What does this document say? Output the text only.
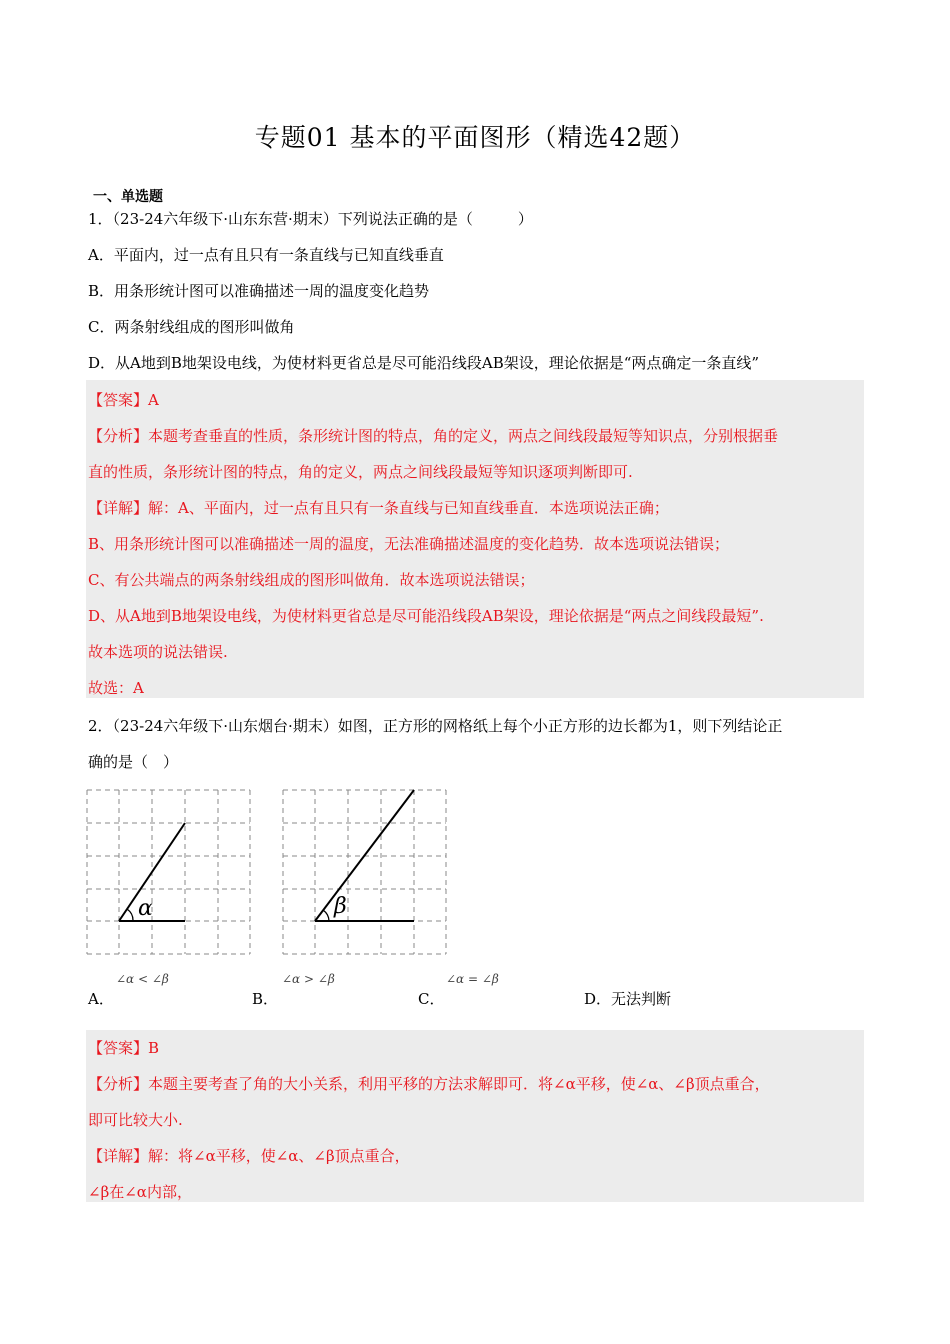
专题01 基本的平面图形（精选42题）
一、单选题
1．（23-24六年级下·山东东营·期末）下列说法正确的是（　　　）
A．平面内，过一点有且只有一条直线与已知直线垂直
B．用条形统计图可以准确描述一周的温度变化趋势
C．两条射线组成的图形叫做角
D．从A地到B地架设电线，为使材料更省总是尽可能沿线段AB架设，理论依据是“两点确定一条直线”
【答案】A
【分析】本题考查垂直的性质，条形统计图的特点，角的定义，两点之间线段最短等知识点，分别根据垂
直的性质，条形统计图的特点，角的定义，两点之间线段最短等知识逐项判断即可.
【详解】解：A、平面内，过一点有且只有一条直线与已知直线垂直．本选项说法正确；
B、用条形统计图可以准确描述一周的温度，无法准确描述温度的变化趋势．故本选项说法错误；
C、有公共端点的两条射线组成的图形叫做角．故本选项说法错误；
D、从A地到B地架设电线，为使材料更省总是尽可能沿线段AB架设，理论依据是“两点之间线段最短”.
故本选项的说法错误.
故选：A
2．（23-24六年级下·山东烟台·期末）如图，正方形的网格纸上每个小正方形的边长都为1，则下列结论正
确的是（　）
α	β
∠α < ∠β	∠α > ∠β	∠α = ∠β
A．	B．	C．	D．无法判断
【答案】B
【分析】本题主要考查了角的大小关系，利用平移的方法求解即可．将∠α平移，使∠α、∠β顶点重合，
即可比较大小.
【详解】解：将∠α平移，使∠α、∠β顶点重合，
∠β在∠α内部，
